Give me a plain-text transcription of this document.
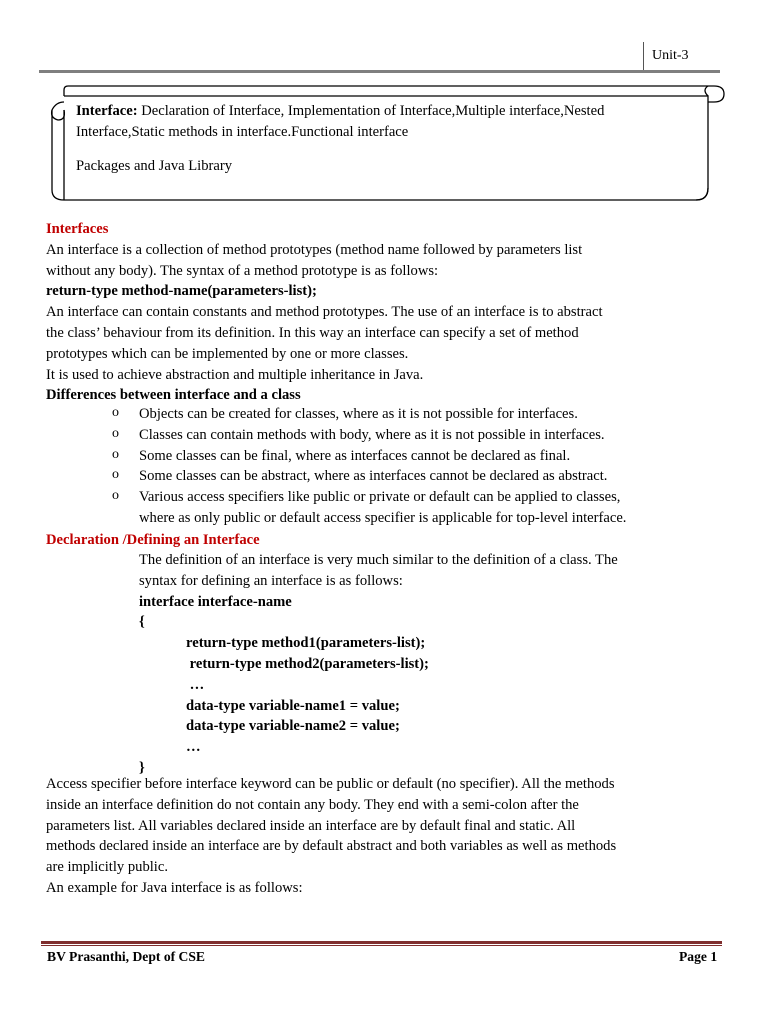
Unit-3
Interface: Declaration of Interface, Implementation of Interface,Multiple interface,Nested
Interface,Static methods in interface.Functional interface
Packages and Java Library
Interfaces
An interface is a collection of method prototypes (method name followed by parameters list
without any body). The syntax of a method prototype is as follows:
return-type method-name(parameters-list);
An interface can contain constants and method prototypes. The use of an interface is to abstract
the class’ behaviour from its definition. In this way an interface can specify a set of method
prototypes which can be implemented by one or more classes.
It is used to achieve abstraction and multiple inheritance in Java.
Differences between interface and a class
o Objects can be created for classes, where as it is not possible for interfaces.
o Classes can contain methods with body, where as it is not possible in interfaces.
o Some classes can be final, where as interfaces cannot be declared as final.
o Some classes can be abstract, where as interfaces cannot be declared as abstract.
o Various access specifiers like public or private or default can be applied to classes,
where as only public or default access specifier is applicable for top-level interface.
Declaration /Defining an Interface
The definition of an interface is very much similar to the definition of a class. The
syntax for defining an interface is as follows:
interface interface-name
{
return-type method1(parameters-list);
return-type method2(parameters-list);
…
data-type variable-name1 = value;
data-type variable-name2 = value;
…
}
Access specifier before interface keyword can be public or default (no specifier). All the methods
inside an interface definition do not contain any body. They end with a semi-colon after the
parameters list. All variables declared inside an interface are by default final and static. All
methods declared inside an interface are by default abstract and both variables as well as methods
are implicitly public.
An example for Java interface is as follows:
BV Prasanthi, Dept of CSE	Page 1
